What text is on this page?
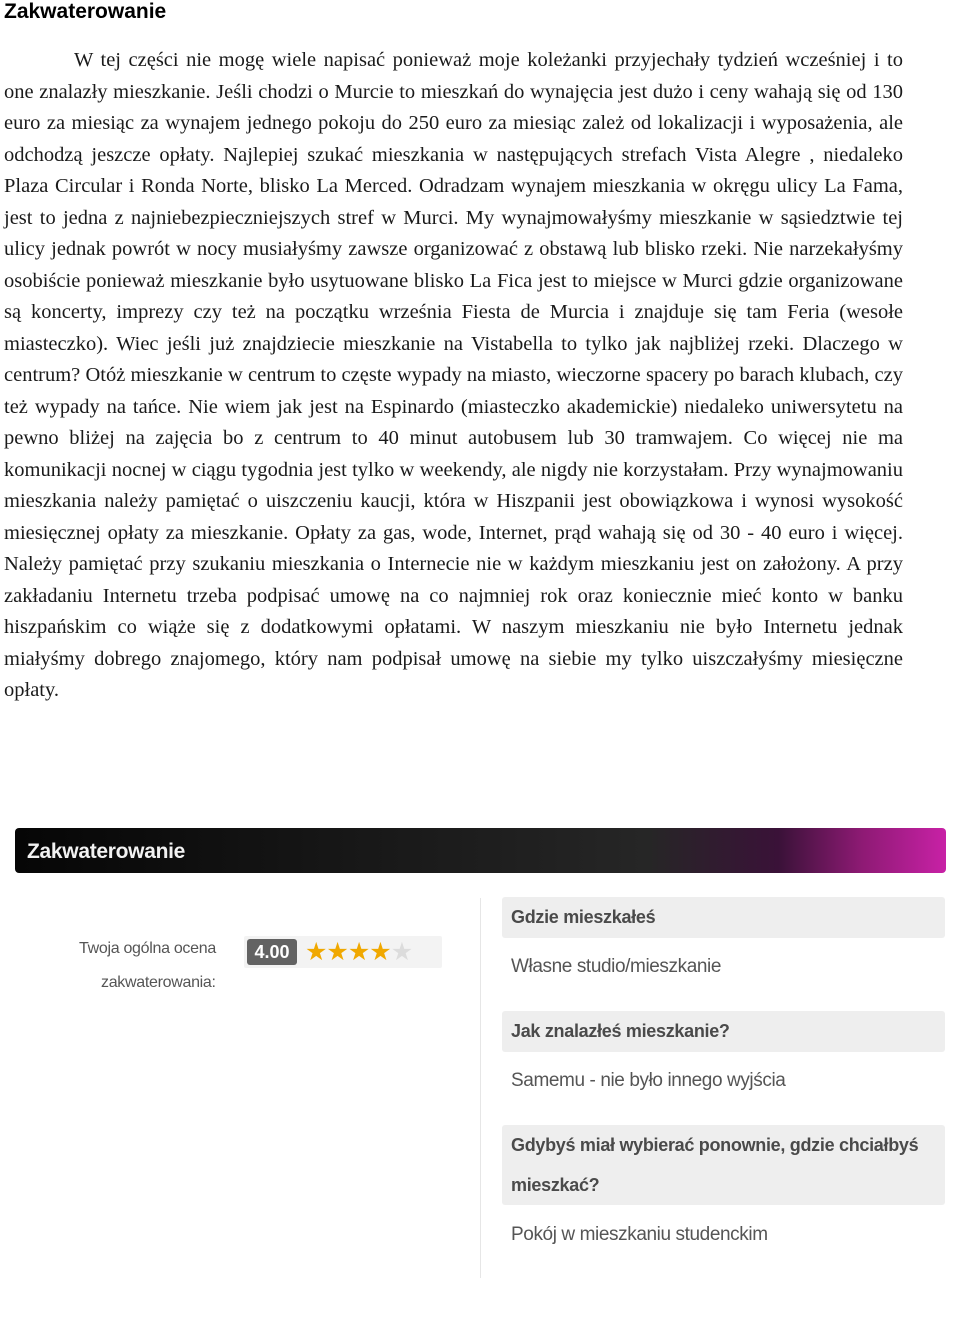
Zakwaterowanie

W tej części nie mogę wiele napisać ponieważ moje koleżanki przyjechały tydzień wcześniej i to one znalazły mieszkanie. Jeśli chodzi o Murcie to mieszkań do wynajęcia jest dużo i ceny wahają się od 130 euro za miesiąc za wynajem jednego pokoju do 250 euro za miesiąc zależ od lokalizacji i wyposażenia, ale odchodzą jeszcze opłaty. Najlepiej szukać mieszkania w następujących strefach Vista Alegre , niedaleko Plaza Circular i Ronda Norte, blisko La Merced. Odradzam wynajem mieszkania w okręgu ulicy La Fama, jest to jedna z najniebezpieczniejszych stref w Murci. My wynajmowałyśmy mieszkanie w sąsiedztwie tej ulicy jednak powrót w nocy musiałyśmy zawsze organizować z obstawą lub blisko rzeki. Nie narzekałyśmy osobiście ponieważ mieszkanie było usytuowane blisko La Fica jest to miejsce w Murci gdzie organizowane są koncerty, imprezy czy też na początku września Fiesta de Murcia i znajduje się tam Feria (wesołe miasteczko). Wiec jeśli już znajdziecie mieszkanie na Vistabella to tylko jak najbliżej rzeki. Dlaczego w centrum? Otóż mieszkanie w centrum to częste wypady na miasto, wieczorne spacery po barach klubach, czy też wypady na tańce. Nie wiem jak jest na Espinardo (miasteczko akademickie) niedaleko uniwersytetu na pewno bliżej na zajęcia bo z centrum to 40 minut autobusem lub 30 tramwajem. Co więcej nie ma komunikacji nocnej w ciągu tygodnia jest tylko w weekendy, ale nigdy nie korzystałam. Przy wynajmowaniu mieszkania należy pamiętać o uiszczeniu kaucji, która w Hiszpanii jest obowiązkowa i wynosi wysokość miesięcznej opłaty za mieszkanie. Opłaty za gas, wode, Internet, prąd wahają się od 30 - 40 euro i więcej. Należy pamiętać przy szukaniu mieszkania o Internecie nie w każdym mieszkaniu jest on założony. A przy zakładaniu Internetu trzeba podpisać umowę na co najmniej rok oraz koniecznie mieć konto w banku hiszpańskim co wiąże się z dodatkowymi opłatami. W naszym mieszkaniu nie było Internetu jednak miałyśmy dobrego znajomego, który nam podpisał umowę na siebie my tylko uiszczałyśmy miesięczne opłaty.

Zakwaterowanie
Twoja ogólna ocena
zakwaterowania:
4.00 ★★★★★
Gdzie mieszkałeś
Własne studio/mieszkanie
Jak znalazłeś mieszkanie?
Samemu - nie było innego wyjścia
Gdybyś miał wybierać ponownie, gdzie chciałbyś mieszkać?
Pokój w mieszkaniu studenckim
